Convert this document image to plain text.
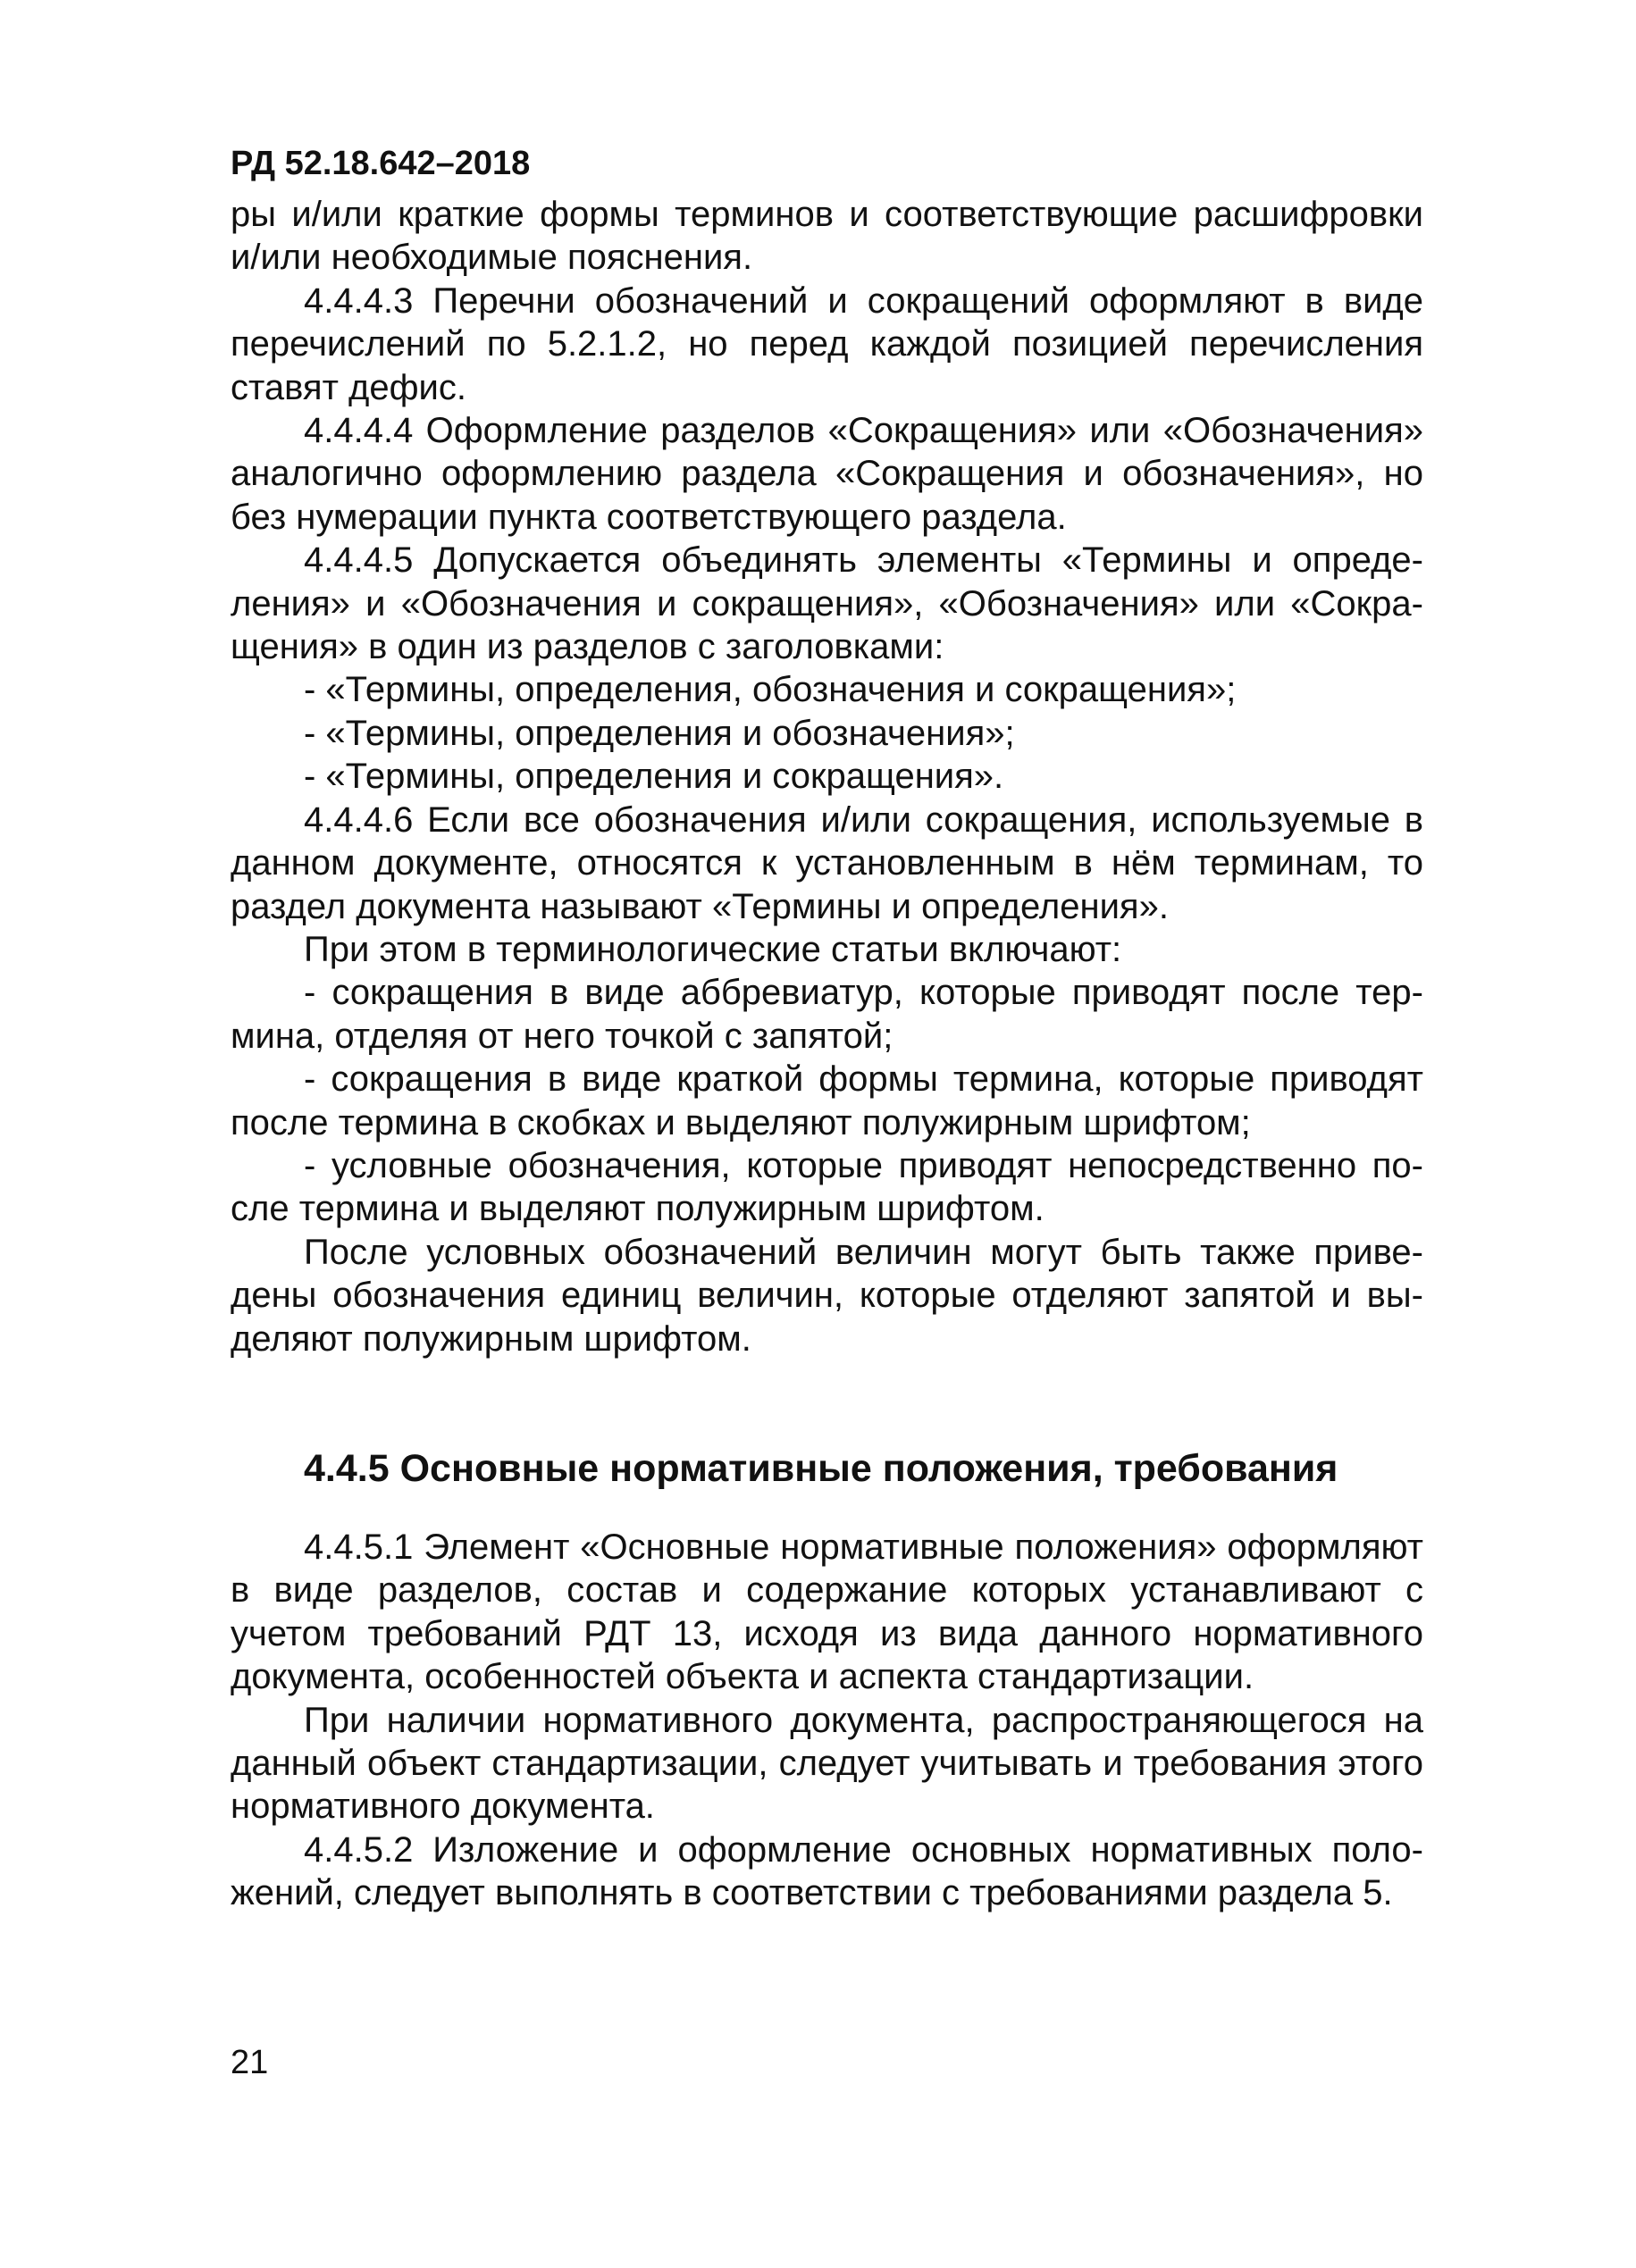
РД 52.18.642–2018

ры и/или краткие формы терминов и соответствующие расшифровки и/или необходимые пояснения.

4.4.4.3 Перечни обозначений и сокращений оформляют в виде перечислений по 5.2.1.2, но перед каждой позицией перечисления ставят дефис.

4.4.4.4 Оформление разделов «Сокращения» или «Обозначения» аналогично оформлению раздела «Сокращения и обозначения», но без нумерации пункта соответствующего раздела.

4.4.4.5 Допускается объединять элементы «Термины и определения» и «Обозначения и сокращения», «Обозначения» или «Сокращения» в один из разделов с заголовками:

- «Термины, определения, обозначения и сокращения»;

- «Термины, определения и обозначения»;

- «Термины, определения и сокращения».

4.4.4.6 Если все обозначения и/или сокращения, используемые в данном документе, относятся к установленным в нём терминам, то раздел документа называют «Термины и определения».

При этом в терминологические статьи включают:

- сокращения в виде аббревиатур, которые приводят после термина, отделяя от него точкой с запятой;

- сокращения в виде краткой формы термина, которые приводят после термина в скобках и выделяют полужирным шрифтом;

- условные обозначения, которые приводят непосредственно после термина и выделяют полужирным шрифтом.

После условных обозначений величин могут быть также приведены обозначения единиц величин, которые отделяют запятой и выделяют полужирным шрифтом.

4.4.5 Основные нормативные положения, требования

4.4.5.1 Элемент «Основные нормативные положения» оформляют в виде разделов, состав и содержание которых устанавливают с учетом требований РДТ 13, исходя из вида данного нормативного документа, особенностей объекта и аспекта стандартизации.

При наличии нормативного документа, распространяющегося на данный объект стандартизации, следует учитывать и требования этого нормативного документа.

4.4.5.2 Изложение и оформление основных нормативных положений, следует выполнять в соответствии с требованиями раздела 5.

21
